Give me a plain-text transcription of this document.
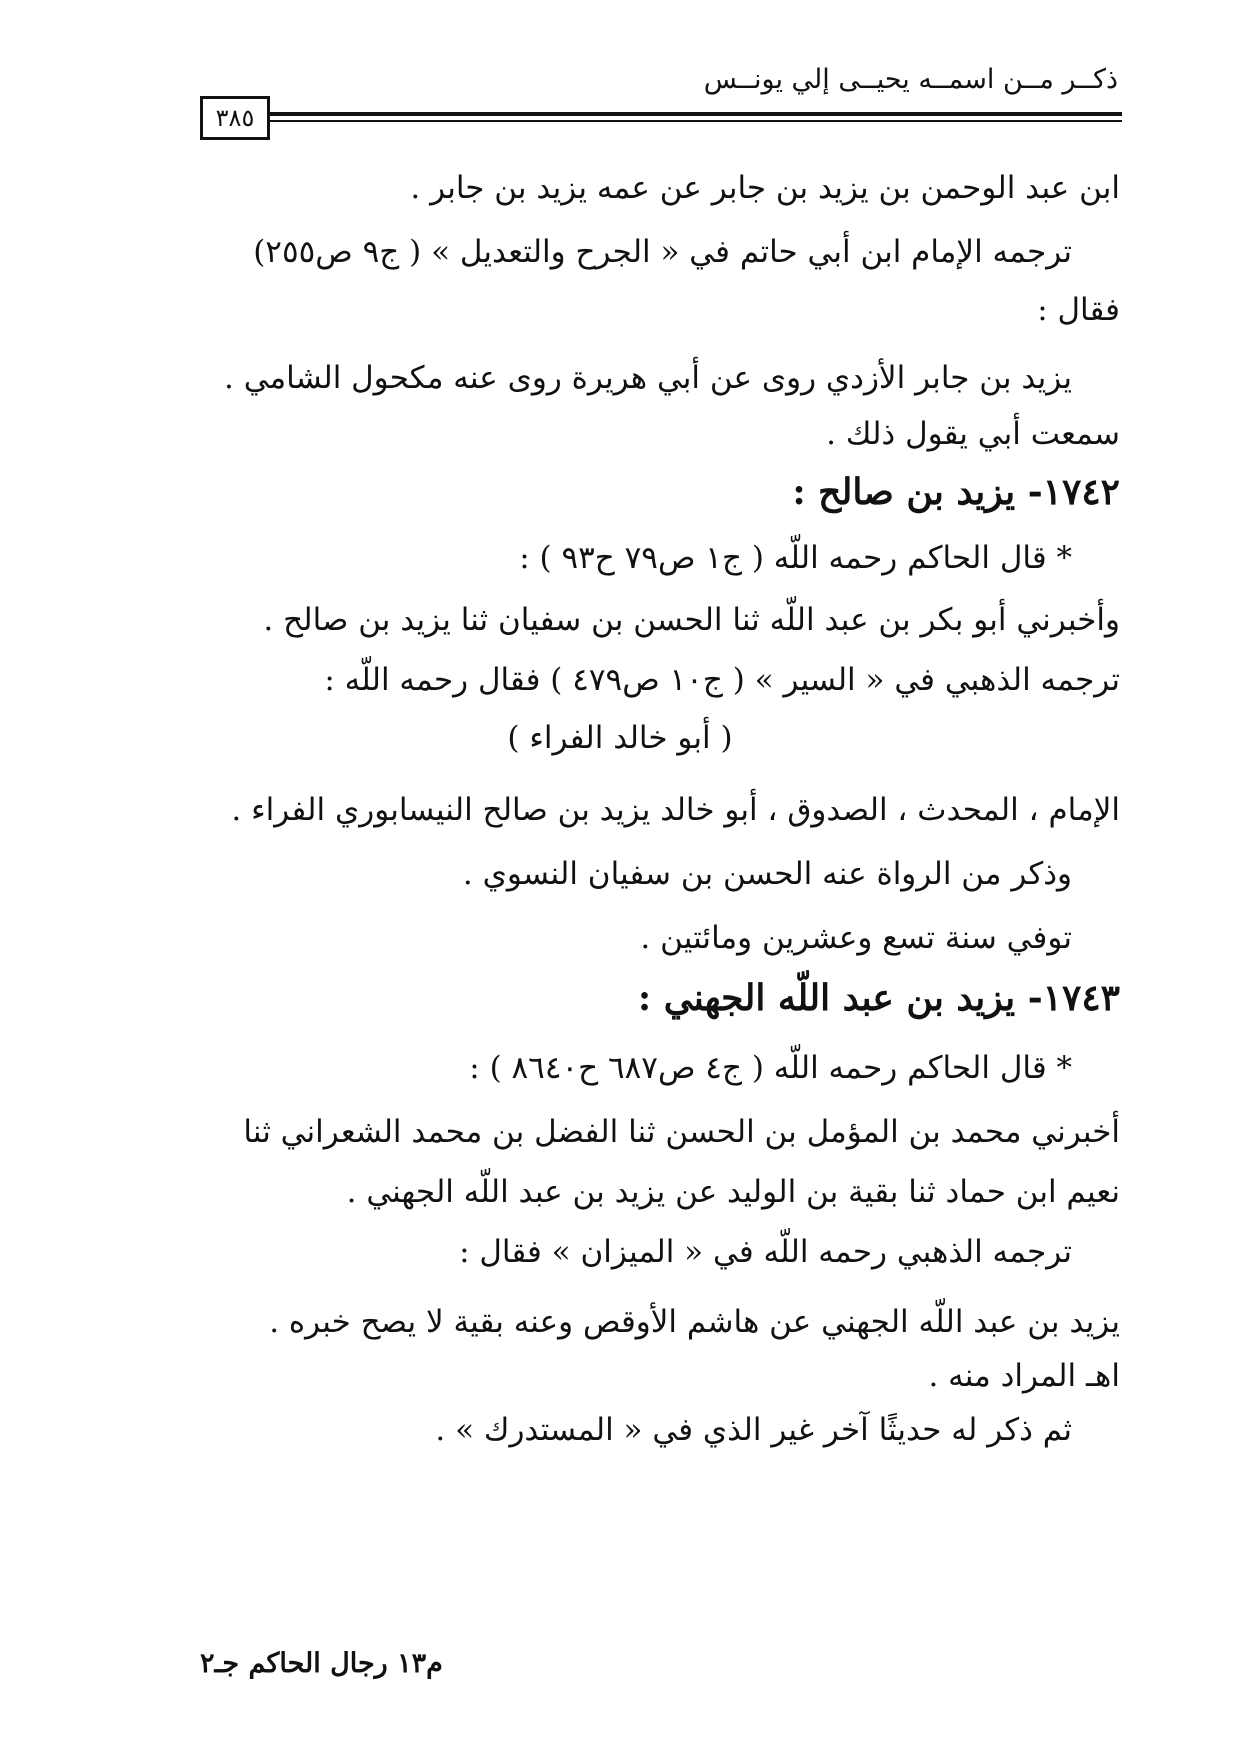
ذكــر مــن اسمــه يحيــى إلي يونــس
٣٨٥
ابن عبد الوحمن بن يزيد بن جابر عن عمه يزيد بن جابر .
ترجمه الإمام ابن أبي حاتم في « الجرح والتعديل » ( ج٩ ص٢٥٥)
فقال :
يزيد بن جابر الأزدي روى عن أبي هريرة روى عنه مكحول الشامي .
سمعت أبي يقول ذلك .
١٧٤٢- يزيد بن صالح :
* قال الحاكم رحمه اللّه ( ج١ ص٧٩ ح٩٣ ) :
وأخبرني أبو بكر بن عبد اللّه ثنا الحسن بن سفيان ثنا يزيد بن صالح .
ترجمه الذهبي في « السير » ( ج١٠ ص٤٧٩ ) فقال رحمه اللّه :
( أبو خالد الفراء )
الإمام ، المحدث ، الصدوق ، أبو خالد يزيد بن صالح النيسابوري الفراء .
وذكر من الرواة عنه الحسن بن سفيان النسوي .
توفي سنة تسع وعشرين ومائتين .
١٧٤٣- يزيد بن عبد اللّه الجهني :
* قال الحاكم رحمه اللّه ( ج٤ ص٦٨٧ ح٨٦٤٠ ) :
أخبرني محمد بن المؤمل بن الحسن ثنا الفضل بن محمد الشعراني ثنا
نعيم ابن حماد ثنا بقية بن الوليد عن يزيد بن عبد اللّه الجهني .
ترجمه الذهبي رحمه اللّه في « الميزان » فقال :
يزيد بن عبد اللّه الجهني عن هاشم الأوقص وعنه بقية لا يصح خبره .
اهـ المراد منه .
ثم ذكر له حديثًا آخر غير الذي في « المستدرك » .
م١٣ رجال الحاكم جـ٢
